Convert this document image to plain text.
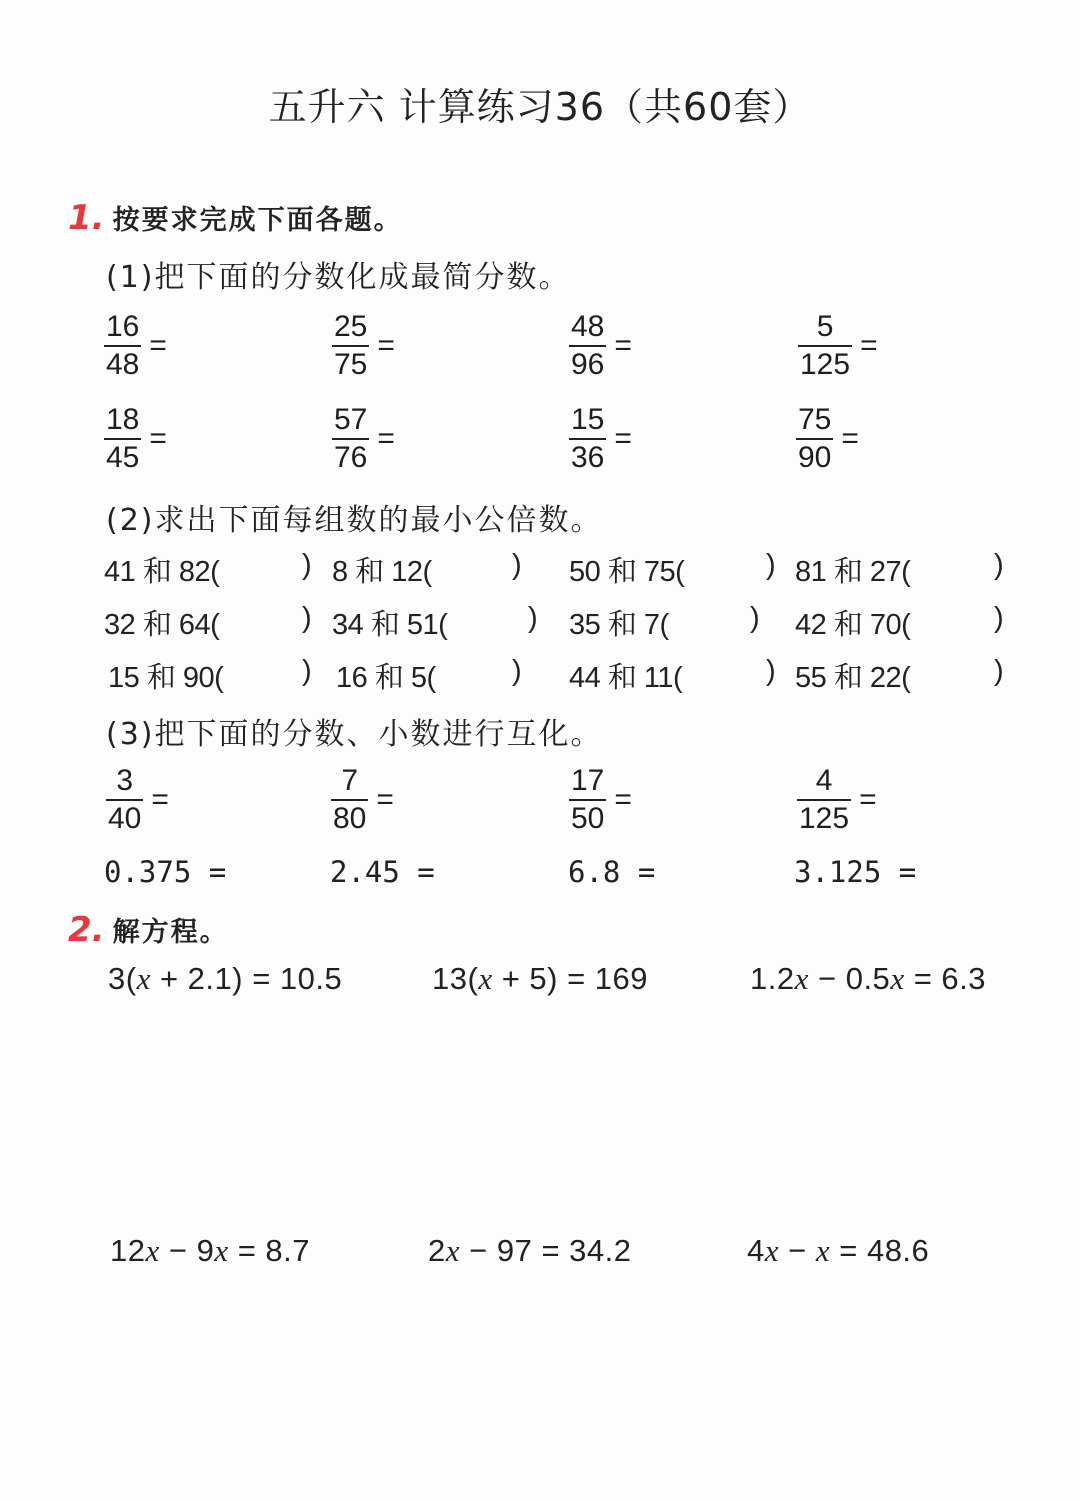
五升六 计算练习36（共60套）
1. 按要求完成下面各题。
(1)把下面的分数化成最简分数。
$\frac{16}{48}$ =	$\frac{25}{75}$ =	$\frac{48}{96}$ =	$\frac{5}{125}$ =
$\frac{18}{45}$ =	$\frac{57}{76}$ =	$\frac{15}{36}$ =	$\frac{75}{90}$ =
(2)求出下面每组数的最小公倍数。
41 和 82(	) 8 和 12(	) 50 和 75(	) 81 和 27(	)
32 和 64(	) 34 和 51(	) 35 和 7(	) 42 和 70(	)
15 和 90(	) 16 和 5(	) 44 和 11(	) 55 和 22(	)
(3)把下面的分数、小数进行互化。
$\frac{3}{40}$ =	$\frac{7}{80}$ =	$\frac{17}{50}$ =	$\frac{4}{125}$ =
0.375 =	2.45 =	6.8 =	3.125 =
2. 解方程。
3(x + 2.1) = 10.5	13(x + 5) = 169	1.2x − 0.5x = 6.3
12x − 9x = 8.7	2x − 97 = 34.2	4x − x = 48.6
